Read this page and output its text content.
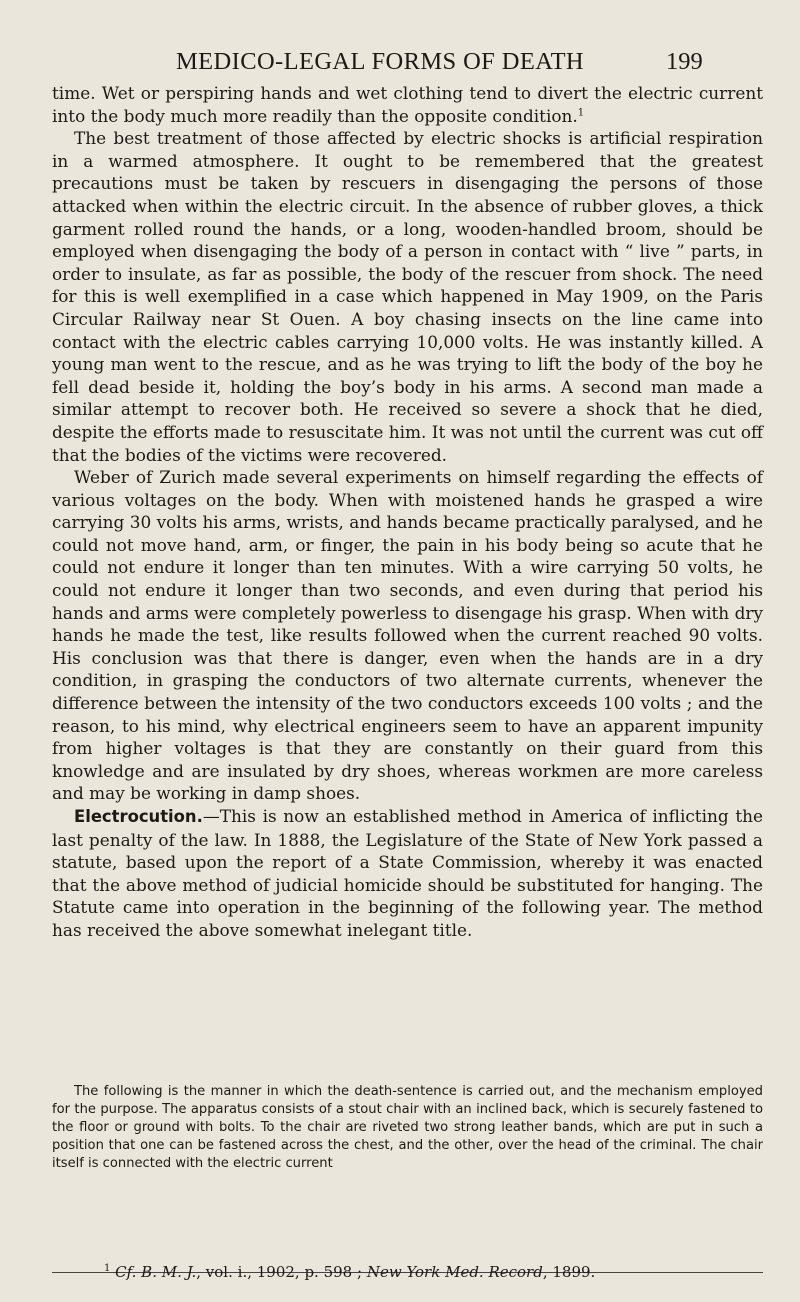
MEDICO-LEGAL FORMS OF DEATH	199

time. Wet or perspiring hands and wet clothing tend to divert the electric current into the body much more readily than the opposite condition.$^1$

The best treatment of those affected by electric shocks is artificial respiration in a warmed atmosphere. It ought to be remembered that the greatest precautions must be taken by rescuers in disengaging the persons of those attacked when within the electric circuit. In the absence of rubber gloves, a thick garment rolled round the hands, or a long, wooden-handled broom, should be employed when disengaging the body of a person in contact with “ live ” parts, in order to insulate, as far as possible, the body of the rescuer from shock. The need for this is well exemplified in a case which happened in May 1909, on the Paris Circular Railway near St Ouen. A boy chasing insects on the line came into contact with the electric cables carrying 10,000 volts. He was instantly killed. A young man went to the rescue, and as he was trying to lift the body of the boy he fell dead beside it, holding the boy’s body in his arms. A second man made a similar attempt to recover both. He received so severe a shock that he died, despite the efforts made to resuscitate him. It was not until the current was cut off that the bodies of the victims were recovered.

Weber of Zurich made several experiments on himself regarding the effects of various voltages on the body. When with moistened hands he grasped a wire carrying 30 volts his arms, wrists, and hands became practically paralysed, and he could not move hand, arm, or finger, the pain in his body being so acute that he could not endure it longer than ten minutes. With a wire carrying 50 volts, he could not endure it longer than two seconds, and even during that period his hands and arms were completely powerless to disengage his grasp. When with dry hands he made the test, like results followed when the current reached 90 volts. His conclusion was that there is danger, even when the hands are in a dry condition, in grasping the conductors of two alternate currents, whenever the difference between the intensity of the two conductors exceeds 100 volts ; and the reason, to his mind, why electrical engineers seem to have an apparent impunity from higher voltages is that they are constantly on their guard from this knowledge and are insulated by dry shoes, whereas workmen are more careless and may be working in damp shoes.

Electrocution.—This is now an established method in America of inflicting the last penalty of the law. In 1888, the Legislature of the State of New York passed a statute, based upon the report of a State Commission, whereby it was enacted that the above method of judicial homicide should be substituted for hanging. The Statute came into operation in the beginning of the following year. The method has received the above somewhat inelegant title.

The following is the manner in which the death-sentence is carried out, and the mechanism employed for the purpose. The apparatus consists of a stout chair with an inclined back, which is securely fastened to the floor or ground with bolts. To the chair are riveted two strong leather bands, which are put in such a position that one can be fastened across the chest, and the other, over the head of the criminal. The chair itself is connected with the electric current

$^1$ Cf. B. M. J., vol. i., 1902, p. 598 ; New York Med. Record, 1899.
